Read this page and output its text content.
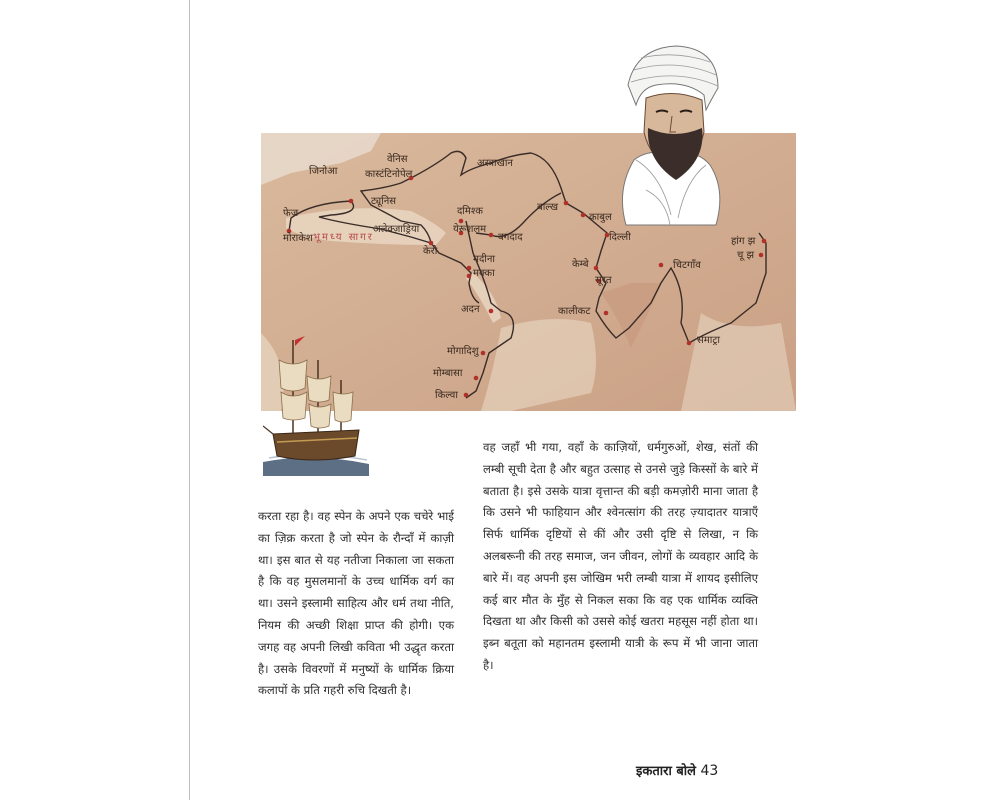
जिनोआ
वेनिस
कास्टंटिनोपेल
अस्त्राखान
ट्यूनिस
फेज़
मोराकेश
अलेक्ज़ाड्रिया
केरो
दमिश्क
येरूशलम
बगदाद
मदीना
मक्का
अदन
मोगादिशु
मोम्बासा
किल्वा
बाल्ख
काबुल
दिल्ली
केम्बे
सूरत
कालीकट
चिटगाँव
समाट्रा
हांग झ
चू झ
भूमध्य सागर

करता रहा है। वह स्पेन के अपने एक चचेरे भाई का ज़िक्र करता है जो स्पेन के रौन्दाँ में काज़ी था। इस बात से यह नतीजा निकाला जा सकता है कि वह मुसलमानों के उच्च धार्मिक वर्ग का था। उसने इस्लामी साहित्य और धर्म तथा नीति, नियम की अच्छी शिक्षा प्राप्त की होगी। एक जगह वह अपनी लिखी कविता भी उद्धृत करता है। उसके विवरणों में मनुष्यों के धार्मिक क्रिया कलापों के प्रति गहरी रुचि दिखती है।

वह जहाँ भी गया, वहाँ के काज़ियों, धर्मगुरुओं, शेख, संतों की लम्बी सूची देता है और बहुत उत्साह से उनसे जुड़े किस्सों के बारे में बताता है। इसे उसके यात्रा वृत्तान्त की बड़ी कमज़ोरी माना जाता है कि उसने भी फाहियान और श्वेनत्सांग की तरह ज़्यादातर यात्राएँ सिर्फ धार्मिक दृष्टियों से कीं और उसी दृष्टि से लिखा, न कि अलबरूनी की तरह समाज, जन जीवन, लोगों के व्यवहार आदि के बारे में। वह अपनी इस जोखिम भरी लम्बी यात्रा में शायद इसीलिए कई बार मौत के मुँह से निकल सका कि वह एक धार्मिक व्यक्ति दिखता था और किसी को उससे कोई खतरा महसूस नहीं होता था। इब्न बतूता को महानतम इस्लामी यात्री के रूप में भी जाना जाता है।

इकतारा बोले 43
